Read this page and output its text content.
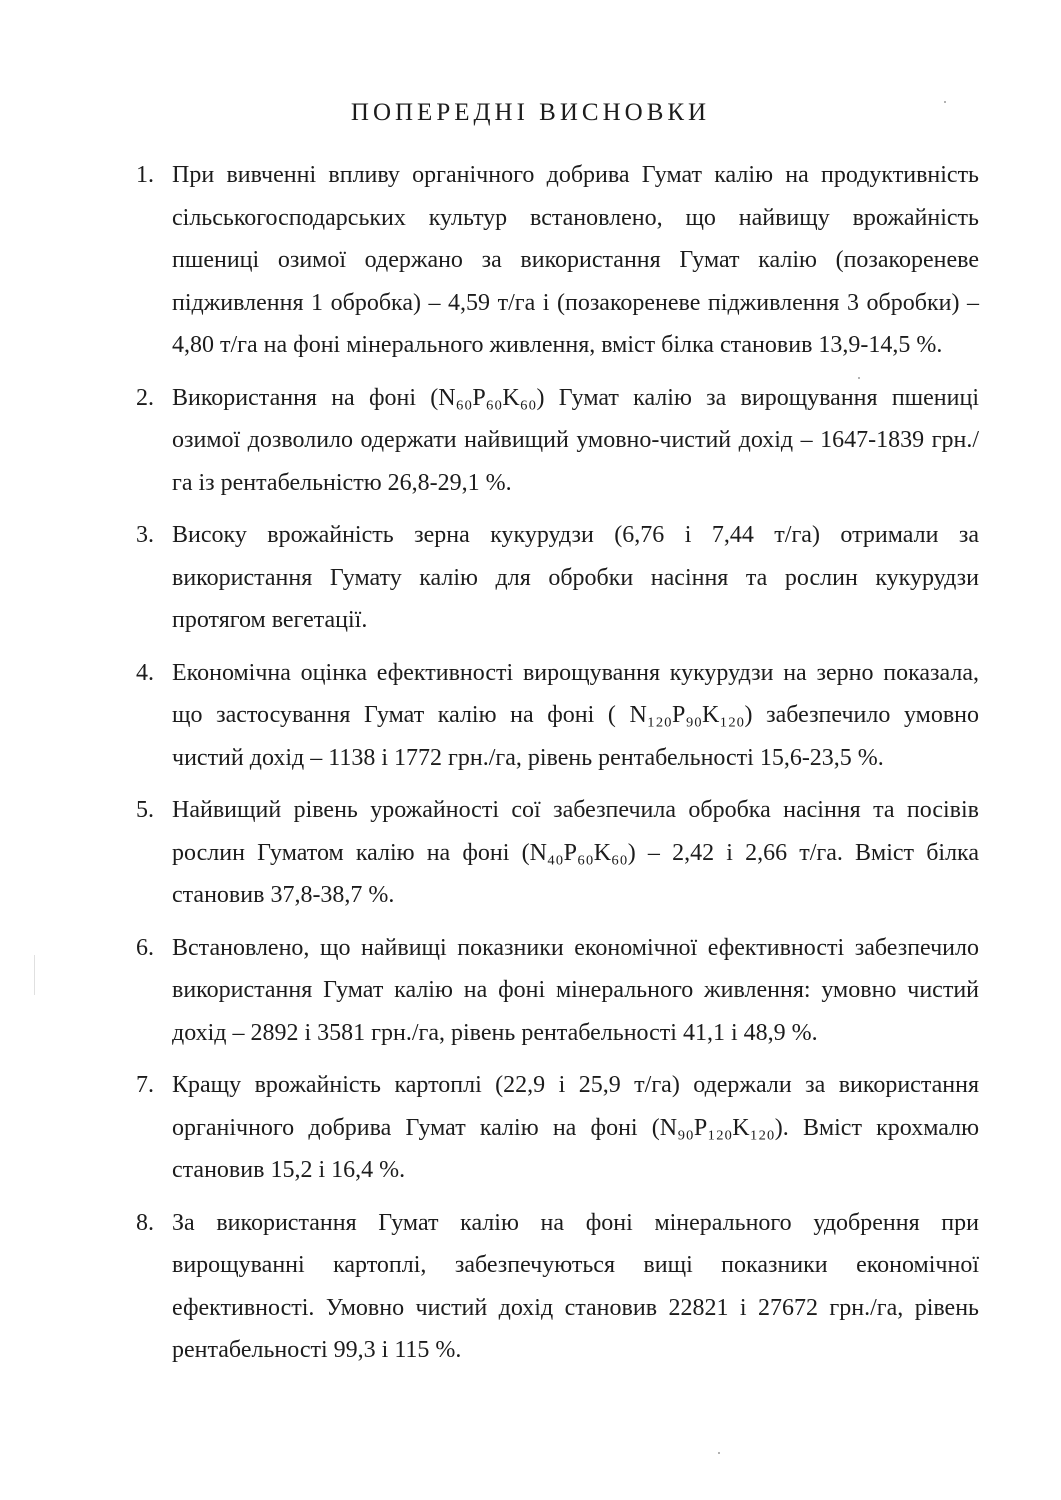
ПОПЕРЕДНІ ВИСНОВКИ
1. При вивченні впливу органічного добрива Гумат калію на продуктивність сільськогосподарських культур встановлено, що найвищу врожайність пшениці озимої одержано за використання Гумат калію (позакореневе підживлення 1 обробка) – 4,59 т/га і (позакореневе підживлення 3 обробки) – 4,80 т/га на фоні мінерального живлення, вміст білка становив 13,9-14,5 %.
2. Використання на фоні (N₆₀P₆₀K₆₀) Гумат калію за вирощування пшениці озимої дозволило одержати найвищий умовно-чистий дохід – 1647-1839 грн./га із рентабельністю 26,8-29,1 %.
3. Високу врожайність зерна кукурудзи (6,76 і 7,44 т/га) отримали за використання Гумату калію для обробки насіння та рослин кукурудзи протягом вегетації.
4. Економічна оцінка ефективності вирощування кукурудзи на зерно показала, що застосування Гумат калію на фоні ( N₁₂₀P₉₀K₁₂₀) забезпечило умовно чистий дохід – 1138 і 1772 грн./га, рівень рентабельності 15,6-23,5 %.
5. Найвищий рівень урожайності сої забезпечила обробка насіння та посівів рослин Гуматом калію на фоні (N₄₀P₆₀K₆₀) – 2,42 і 2,66 т/га. Вміст білка становив 37,8-38,7 %.
6. Встановлено, що найвищі показники економічної ефективності забезпечило використання Гумат калію на фоні мінерального живлення: умовно чистий дохід – 2892 і 3581 грн./га, рівень рентабельності 41,1 і 48,9 %.
7. Кращу врожайність картоплі (22,9 і 25,9 т/га) одержали за використання органічного добрива Гумат калію на фоні (N₉₀P₁₂₀K₁₂₀). Вміст крохмалю становив 15,2 і 16,4 %.
8. За використання Гумат калію на фоні мінерального удобрення при вирощуванні картоплі, забезпечуються вищі показники економічної ефективності. Умовно чистий дохід становив 22821 і 27672 грн./га, рівень рентабельності 99,3 і 115 %.
